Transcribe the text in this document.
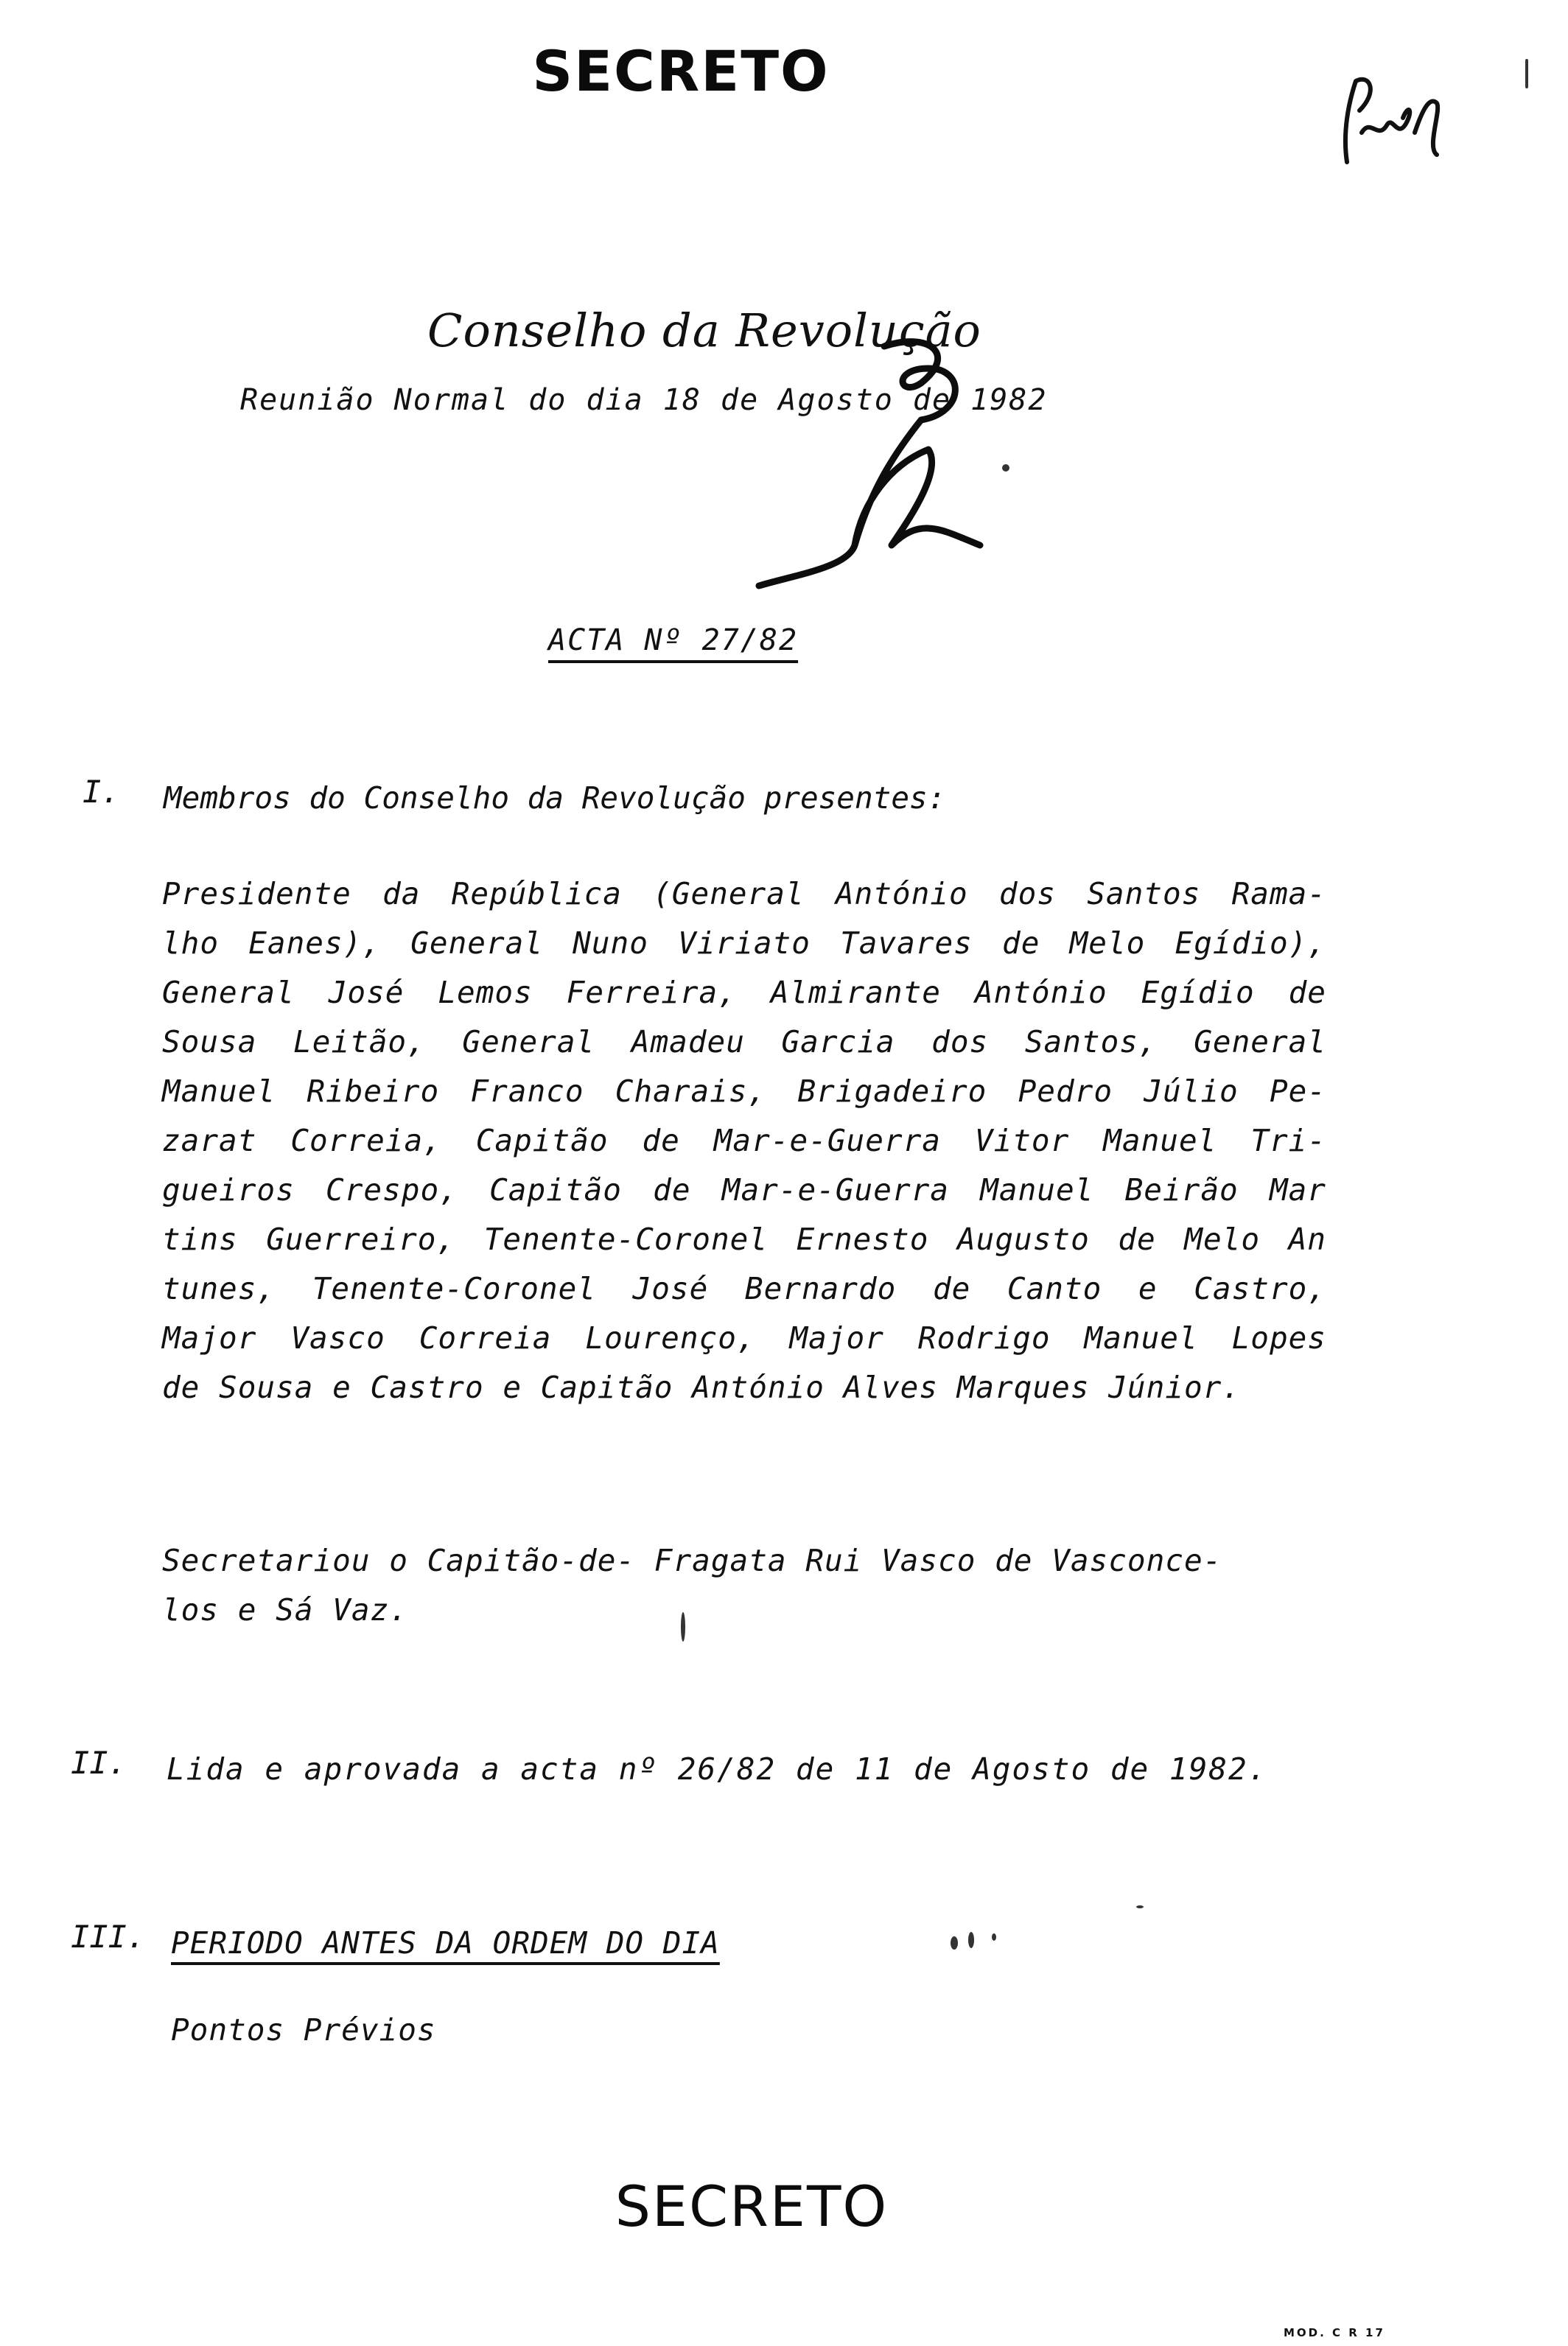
SECRETO
Conselho da Revolução
Reunião Normal do dia 18 de Agosto de 1982
ACTA Nº 27/82
I. Membros do Conselho da Revolução presentes:
Presidente da República (General António dos Santos Rama-
lho Eanes), General Nuno Viriato Tavares de Melo Egídio),
General José Lemos Ferreira, Almirante António Egídio de
Sousa Leitão, General Amadeu Garcia dos Santos, General
Manuel Ribeiro Franco Charais, Brigadeiro Pedro Júlio Pe-
zarat Correia, Capitão de Mar-e-Guerra Vitor Manuel Tri-
gueiros Crespo, Capitão de Mar-e-Guerra Manuel Beirão Mar
tins Guerreiro, Tenente-Coronel Ernesto Augusto de Melo An
tunes, Tenente-Coronel José Bernardo de Canto e Castro,
Major Vasco Correia Lourenço, Major Rodrigo Manuel Lopes
de Sousa e Castro e Capitão António Alves Marques Júnior.
Secretariou o Capitão-de- Fragata Rui Vasco de Vasconce-
los e Sá Vaz.
II. Lida e aprovada a acta nº 26/82 de 11 de Agosto de 1982.
III. PERIODO ANTES DA ORDEM DO DIA
Pontos Prévios
SECRETO
MOD. C R 17
